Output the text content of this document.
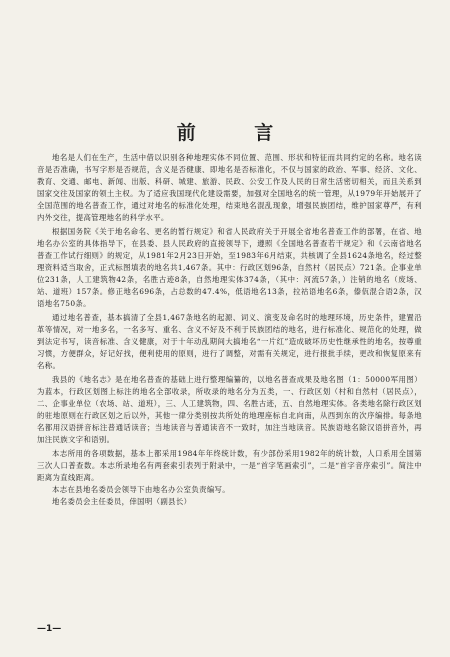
前 言

地名是人们在生产，生活中借以识别各种地理实体不同位置、范围、形状和特征而共同约定的名称。地名读音是否准确，书写字形是否规范，含义是否健康、即地名是否标准化，不仅与国家的政治、军事、经济、文化、教育、交通、邮电、新闻、出版、科研、城建、旅游、民政、公安工作及人民的日常生活密切相关，而且关系到国家交往及国家的领土主权。为了适应我国现代化建设需要，加强对全国地名的统一管理，从1979年开始展开了全国范围的地名普查工作，通过对地名的标准化处理，结束地名混乱现象，增强民族团结，维护国家尊严，有利内外交往，提高管理地名的科学水平。

根据国务院《关于地名命名、更名的暂行规定》和省人民政府关于开展全省地名普查工作的部署，在省、地地名办公室的具体指导下，在县委、县人民政府的直接领导下，遵照《全国地名普查若干规定》和《云南省地名普查工作试行细则》的规定，从1981年2月23日开始，至1983年6月结束，共核调了全县1624条地名，经过整理资料适当取舍，正式标图填表的地名共1,467条。其中：行政区划96条，自然村（居民点）721条。企事业单位231条，人工建筑物42条，名胜古迹8条，自然地理实体374条，（其中：河流57条，）注销的地名（废场、站、道班）157条。修正地名696条，占总数的47.4%，低语地名13条，拉祜语地名6条，傣佤混合语2条，汉语地名750条。

通过地名普查，基本搞清了全县1,467条地名的起源、词义、演变及命名时的地理环境，历史条件，建置沿革等情况，对一地多名，一名多写、重名、含义不好及不利于民族团结的地名，进行标准化、规范化的处理，做到法定书写，读音标准、含义健康，对于十年动乱期间大搞地名“一片红”造成破坏历史性继承性的地名，按尊重习惯，方便群众，好记好找，便利使用的原则，进行了调整，对需有关规定，进行报批手续，更改和恢复原来有名称。

我县的《地名志》是在地名普查的基础上进行整理编纂的，以地名普查成果及地名图（1：50000军用图）为蓝本，行政区划图上标注的地名全部收录，所收录的地名分为五类，一、行政区划（村和自然村（居民点），二、企事业单位（农场、站、道班），三、人工建筑物，四、名胜古迹，五、自然地理实体。各类地名除行政区划的驻地原则在行政区划之后以外，其他一律分类别按共所处的地理座标自北向南，从西到东的次序编排。每条地名都用汉语拼音标注普通话读音；当地读音与普通读音不一致时，加注当地读音。民族语地名除汉语拼音外，再加注民族文字和语别。

本志所用的各项数据，基本上都采用1984年年终统计数，有少部份采用1982年的统计数，人口系用全国第三次人口普查数。本志所录地名有两套索引表列于附录中，一是“首字笔画索引”，二是“首字音序索引”。简注中距离为直线距离。

本志在县地名委员会领导下由地名办公室负责编写。

地名委员会主任委员，倖国明（副县长）

—1—
